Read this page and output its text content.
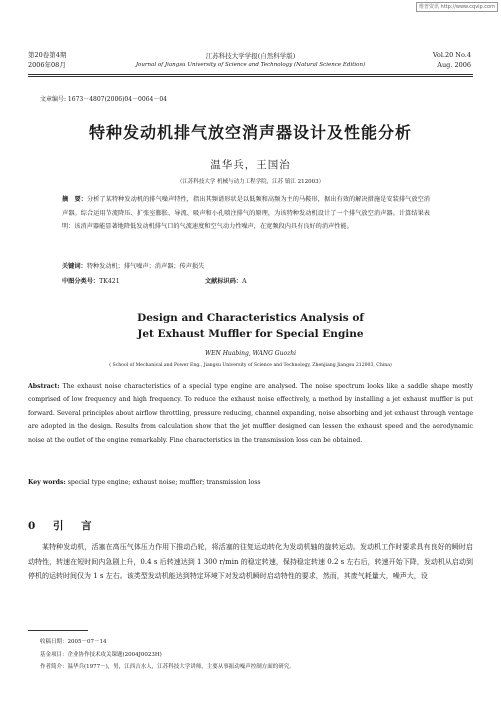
维普资讯 http://www.cqvip.com
第20卷第4期
2006年08月
江苏科技大学学报(自然科学版)
Journal of Jiangsu University of Science and Technology (Natural Science Edition)
Vol.20 No.4
Aug. 2006
文章编号: 1673－4807(2006)04－0064－04
特种发动机排气放空消声器设计及性能分析
温华兵，王国治
（江苏科技大学 机械与动力工程学院，江苏 镇江 212003）
摘　要：分析了某特种发动机的排气噪声特性，指出其频谱形状是以低频和高频为主的马鞍形，据出有效的解决措施是安装排气放空消声器。综合运用节流降压、扩张室膨胀、导流、吸声和小孔喷注排气的原理，为该特种发动机设计了一个排气放空消声器。计算结果表明：该消声器能显著地降低发动机排气口的气流速度和空气动力性噪声，在宽频段内具有良好的消声性能。
关键词：特种发动机；排气噪声；消声器；传声损失
中图分类号：TK421	文献标识码：A
Design and Characteristics Analysis of
Jet Exhaust Muffler for Special Engine
WEN Huabing, WANG Guozhi
( School of Mechanical and Power Eng., Jiangsu University of Science and Technology, Zhenjiang Jiangsu 212003, China)
Abstract: The exhaust noise characteristics of a special type engine are analysed. The noise spectrum looks like a saddle shape mostly comprised of low frequency and high frequency. To reduce the exhaust noise effectively, a method by installing a jet exhaust muffler is put forward. Several principles about airflow throttling, pressure reducing, channel expanding, noise absorbing and jet exhaust through ventage are adopted in the design. Results from calculation show that the jet muffler designed can lessen the exhaust speed and the aerodynamic noise at the outlet of the engine remarkably. Fine characteristics in the transmission loss can be obtained.
Key words: special type engine; exhaust noise; muffler; transmission loss
0 引 言
某特种发动机，活塞在高压气体压力作用下推动凸轮，将活塞的往复运动转化为发动机轴的旋转运动。发动机工作时要求具有良好的瞬时启动特性，转速在短时间内急剧上升，0.4 s 后转速达到 1 300 r/min 的稳定转速，保持稳定转速 0.2 s 左右后，转速开始下降，发动机从启动到停机的运转时间仅为 1 s 左右。该类型发动机能达到特定环境下对发动机瞬时启动特性的要求，然而，其废气耗量大，噪声大，设
收稿日期：2005－07－14
基金项目：企业协作技术攻关课题(2004J0023H)
作者简介：温华兵(1977－)，男，江西吉水人，江苏科技大学讲师，主要从事振动噪声控制方面的研究。
